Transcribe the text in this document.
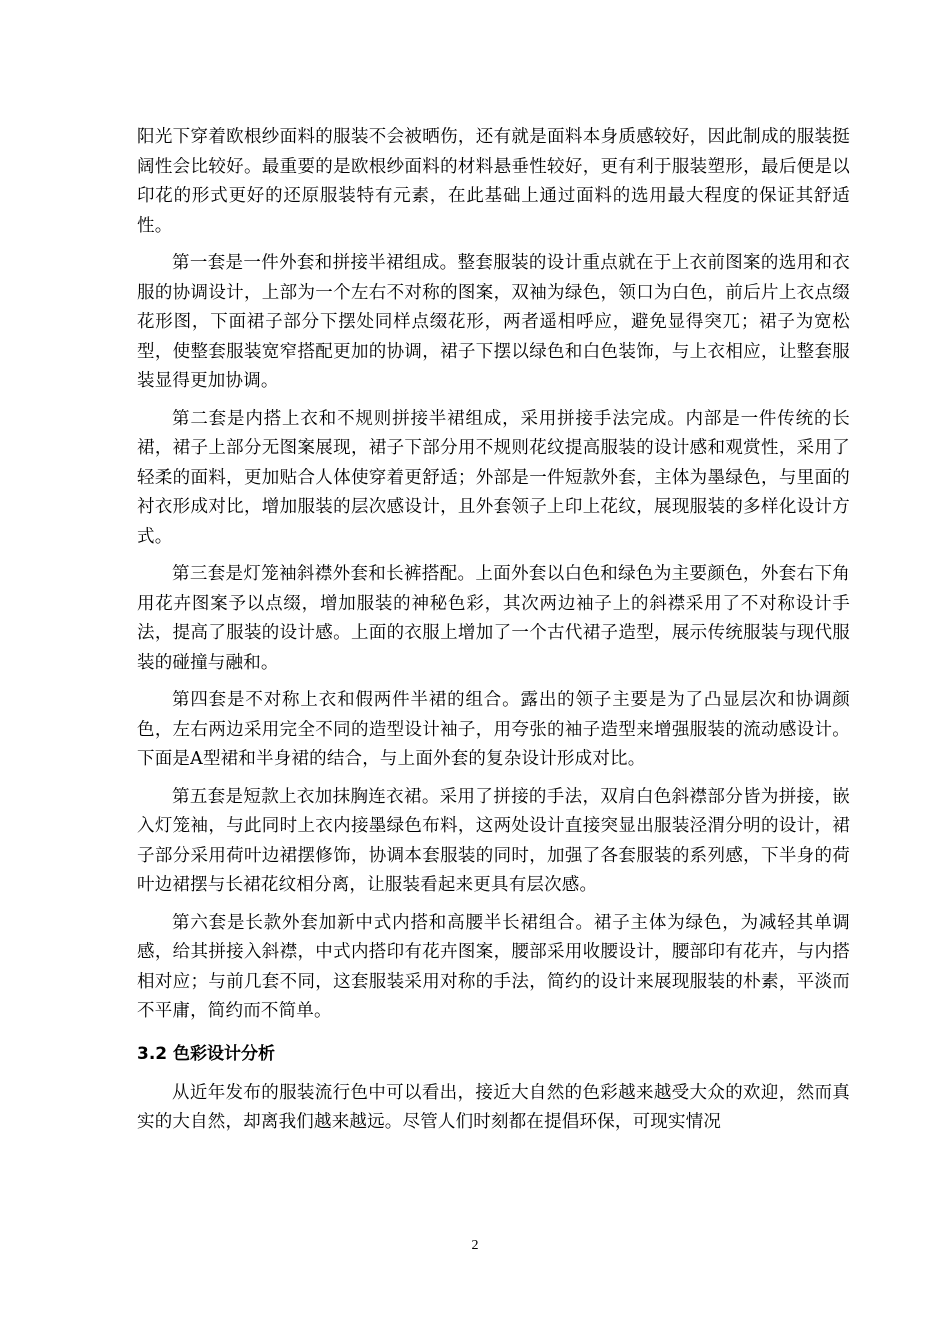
阳光下穿着欧根纱面料的服装不会被晒伤，还有就是面料本身质感较好，因此制成的服装挺阔性会比较好。最重要的是欧根纱面料的材料悬垂性较好，更有利于服装塑形，最后便是以印花的形式更好的还原服装特有元素，在此基础上通过面料的选用最大程度的保证其舒适性。

第一套是一件外套和拼接半裙组成。整套服装的设计重点就在于上衣前图案的选用和衣服的协调设计，上部为一个左右不对称的图案，双袖为绿色，领口为白色，前后片上衣点缀花形图，下面裙子部分下摆处同样点缀花形，两者遥相呼应，避免显得突兀；裙子为宽松型，使整套服装宽窄搭配更加的协调，裙子下摆以绿色和白色装饰，与上衣相应，让整套服装显得更加协调。

第二套是内搭上衣和不规则拼接半裙组成，采用拼接手法完成。内部是一件传统的长裙，裙子上部分无图案展现，裙子下部分用不规则花纹提高服装的设计感和观赏性，采用了轻柔的面料，更加贴合人体使穿着更舒适；外部是一件短款外套，主体为墨绿色，与里面的衬衣形成对比，增加服装的层次感设计，且外套领子上印上花纹，展现服装的多样化设计方式。

第三套是灯笼袖斜襟外套和长裤搭配。上面外套以白色和绿色为主要颜色，外套右下角用花卉图案予以点缀，增加服装的神秘色彩，其次两边袖子上的斜襟采用了不对称设计手法，提高了服装的设计感。上面的衣服上增加了一个古代裙子造型，展示传统服装与现代服装的碰撞与融和。

第四套是不对称上衣和假两件半裙的组合。露出的领子主要是为了凸显层次和协调颜色，左右两边采用完全不同的造型设计袖子，用夸张的袖子造型来增强服装的流动感设计。下面是A型裙和半身裙的结合，与上面外套的复杂设计形成对比。

第五套是短款上衣加抹胸连衣裙。采用了拼接的手法，双肩白色斜襟部分皆为拼接，嵌入灯笼袖，与此同时上衣内接墨绿色布料，这两处设计直接突显出服装泾渭分明的设计，裙子部分采用荷叶边裙摆修饰，协调本套服装的同时，加强了各套服装的系列感，下半身的荷叶边裙摆与长裙花纹相分离，让服装看起来更具有层次感。

第六套是长款外套加新中式内搭和高腰半长裙组合。裙子主体为绿色，为减轻其单调感，给其拼接入斜襟，中式内搭印有花卉图案，腰部采用收腰设计，腰部印有花卉，与内搭相对应；与前几套不同，这套服装采用对称的手法，简约的设计来展现服装的朴素，平淡而不平庸，简约而不简单。

3.2 色彩设计分析

从近年发布的服装流行色中可以看出，接近大自然的色彩越来越受大众的欢迎，然而真实的大自然，却离我们越来越远。尽管人们时刻都在提倡环保，可现实情况

2
